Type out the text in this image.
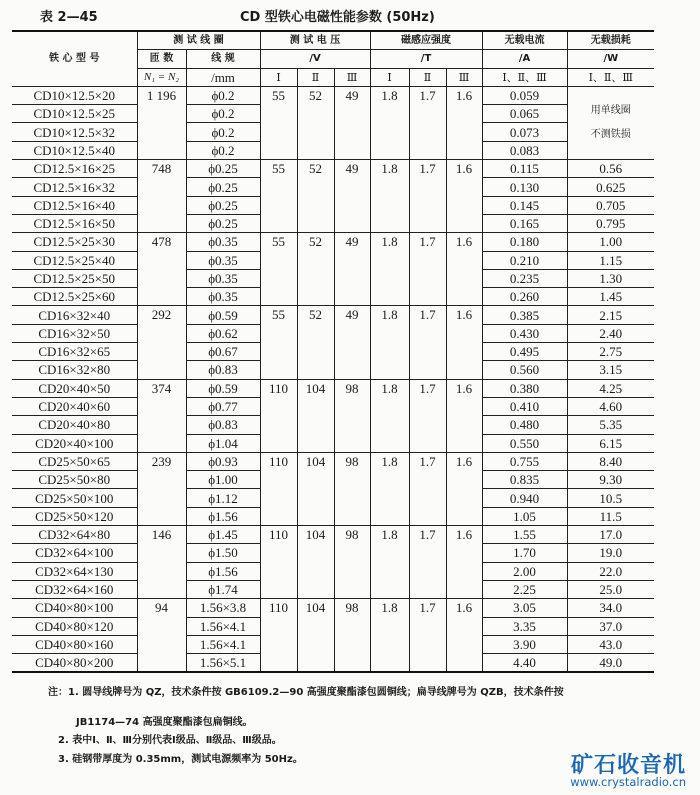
表 2—45	CD 型铁心电磁性能参数 (50Hz)
铁 心 型 号	测 试 线 圈		测 试 电 压			磁感应强度			无载电流	无载损耗
	匝 数	线 规	/V			/T			/A	/W
	N₁ = N₂	/mm	Ⅰ	Ⅱ	Ⅲ	Ⅰ	Ⅱ	Ⅲ	Ⅰ、Ⅱ、Ⅲ	Ⅰ、Ⅱ、Ⅲ
CD10×12.5×20	1 196	ϕ0.2	55	52	49	1.8	1.7	1.6	0.059	用单线圈
不测铁损
CD10×12.5×25		ϕ0.2							0.065	
CD10×12.5×32		ϕ0.2							0.073	
CD10×12.5×40		ϕ0.2							0.083	
CD12.5×16×25	748	ϕ0.25	55	52	49	1.8	1.7	1.6	0.115	0.56
CD12.5×16×32		ϕ0.25							0.130	0.625
CD12.5×16×40		ϕ0.25							0.145	0.705
CD12.5×16×50		ϕ0.25							0.165	0.795
CD12.5×25×30	478	ϕ0.35	55	52	49	1.8	1.7	1.6	0.180	1.00
CD12.5×25×40		ϕ0.35							0.210	1.15
CD12.5×25×50		ϕ0.35							0.235	1.30
CD12.5×25×60		ϕ0.35							0.260	1.45
CD16×32×40	292	ϕ0.59	55	52	49	1.8	1.7	1.6	0.385	2.15
CD16×32×50		ϕ0.62							0.430	2.40
CD16×32×65		ϕ0.67							0.495	2.75
CD16×32×80		ϕ0.83							0.560	3.15
CD20×40×50	374	ϕ0.59	110	104	98	1.8	1.7	1.6	0.380	4.25
CD20×40×60		ϕ0.77							0.410	4.60
CD20×40×80		ϕ0.83							0.480	5.35
CD20×40×100		ϕ1.04							0.550	6.15
CD25×50×65	239	ϕ0.93	110	104	98	1.8	1.7	1.6	0.755	8.40
CD25×50×80		ϕ1.00							0.835	9.30
CD25×50×100		ϕ1.12							0.940	10.5
CD25×50×120		ϕ1.56							1.05	11.5
CD32×64×80	146	ϕ1.45	110	104	98	1.8	1.7	1.6	1.55	17.0
CD32×64×100		ϕ1.50							1.70	19.0
CD32×64×130		ϕ1.56							2.00	22.0
CD32×64×160		ϕ1.74							2.25	25.0
CD40×80×100	94	1.56×3.8	110	104	98	1.8	1.7	1.6	3.05	34.0
CD40×80×120		1.56×4.1							3.35	37.0
CD40×80×160		1.56×4.1							3.90	43.0
CD40×80×200		1.56×5.1							4.40	49.0
注：1. 圆导线牌号为 QZ，技术条件按 GB6109.2—90 高强度聚酯漆包圆铜线；扁导线牌号为 QZB，技术条件按
JB1174—74 高强度聚酯漆包扁铜线。
2. 表中Ⅰ、Ⅱ、Ⅲ分别代表Ⅰ级品、Ⅱ级品、Ⅲ级品。
3. 硅钢带厚度为 0.35mm，测试电源频率为 50Hz。	矿石收音机
www.crystalradio.cn
